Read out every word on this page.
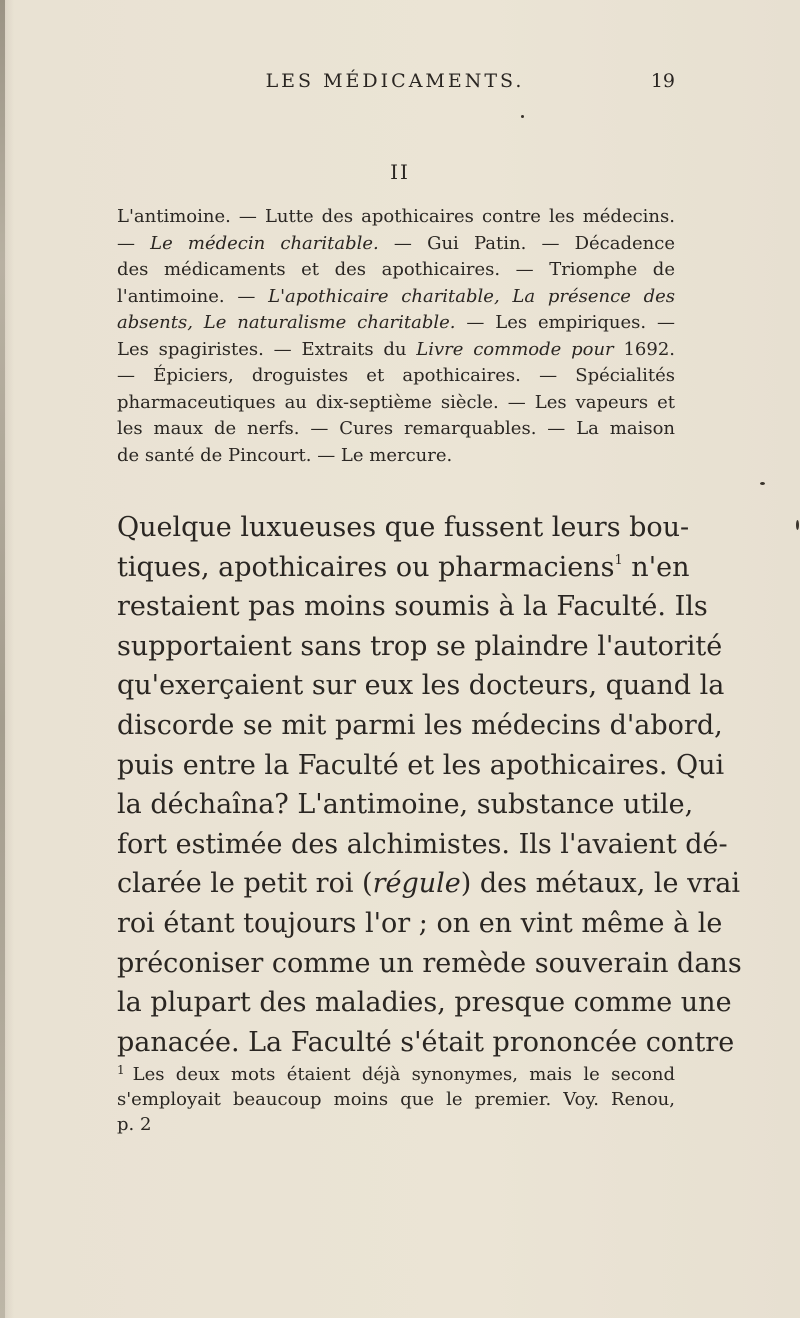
LES MÉDICAMENTS.	19
II
L'antimoine. — Lutte des apothicaires contre les médecins.
— Le médecin charitable. — Gui Patin. — Décadence
des médicaments et des apothicaires. — Triomphe de
l'antimoine. — L'apothicaire charitable, La présence des
absents, Le naturalisme charitable. — Les empiriques. —
Les spagiristes. — Extraits du Livre commode pour 1692.
— Épiciers, droguistes et apothicaires. — Spécialités
pharmaceutiques au dix-septième siècle. — Les vapeurs et
les maux de nerfs. — Cures remarquables. — La maison
de santé de Pincourt. — Le mercure.
Quelque luxueuses que fussent leurs bou-
tiques, apothicaires ou pharmaciens$^1$ n'en
restaient pas moins soumis à la Faculté. Ils
supportaient sans trop se plaindre l'autorité
qu'exerçaient sur eux les docteurs, quand la
discorde se mit parmi les médecins d'abord,
puis entre la Faculté et les apothicaires. Qui
la déchaîna? L'antimoine, substance utile,
fort estimée des alchimistes. Ils l'avaient dé-
clarée le petit roi (régule) des métaux, le vrai
roi étant toujours l'or ; on en vint même à le
préconiser comme un remède souverain dans
la plupart des maladies, presque comme une
panacée. La Faculté s'était prononcée contre
$^1$ Les deux mots étaient déjà synonymes, mais le second
s'employait beaucoup moins que le premier. Voy. Renou,
p. 2
